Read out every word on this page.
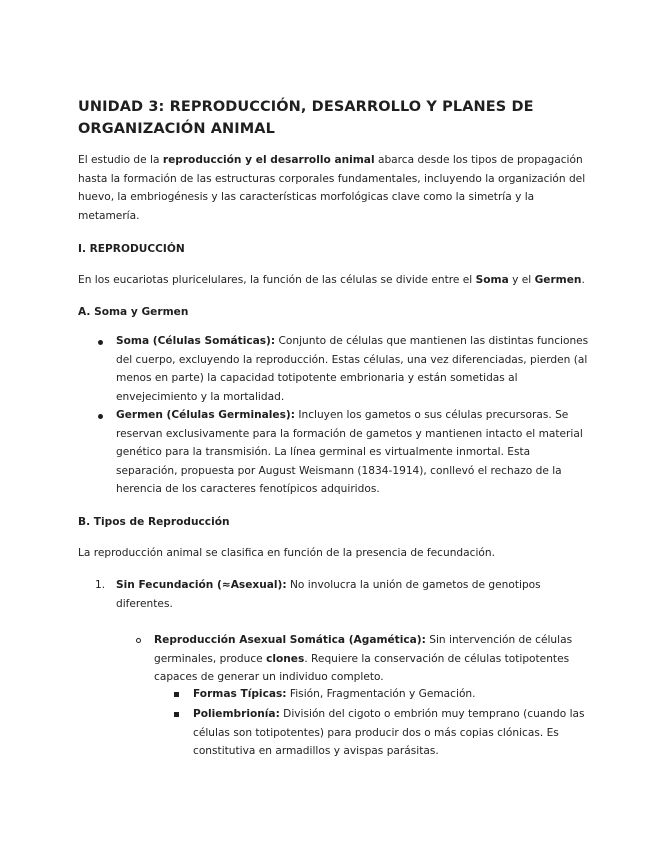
UNIDAD 3: REPRODUCCIÓN, DESARROLLO Y PLANES DE
ORGANIZACIÓN ANIMAL

El estudio de la reproducción y el desarrollo animal abarca desde los tipos de propagación
hasta la formación de las estructuras corporales fundamentales, incluyendo la organización del
huevo, la embriogénesis y las características morfológicas clave como la simetría y la
metamería.

I. REPRODUCCIÓN

En los eucariotas pluricelulares, la función de las células se divide entre el Soma y el Germen.

A. Soma y Germen

Soma (Células Somáticas): Conjunto de células que mantienen las distintas funciones
del cuerpo, excluyendo la reproducción. Estas células, una vez diferenciadas, pierden (al
menos en parte) la capacidad totipotente embrionaria y están sometidas al
envejecimiento y la mortalidad.

Germen (Células Germinales): Incluyen los gametos o sus células precursoras. Se
reservan exclusivamente para la formación de gametos y mantienen intacto el material
genético para la transmisión. La línea germinal es virtualmente inmortal. Esta
separación, propuesta por August Weismann (1834-1914), conllevó el rechazo de la
herencia de los caracteres fenotípicos adquiridos.

B. Tipos de Reproducción

La reproducción animal se clasifica en función de la presencia de fecundación.

1. Sin Fecundación (≈Asexual): No involucra la unión de gametos de genotipos
diferentes.

Reproducción Asexual Somática (Agamética): Sin intervención de células
germinales, produce clones. Requiere la conservación de células totipotentes
capaces de generar un individuo completo.

Formas Típicas: Fisión, Fragmentación y Gemación.

Poliembrionía: División del cigoto o embrión muy temprano (cuando las
células son totipotentes) para producir dos o más copias clónicas. Es
constitutiva en armadillos y avispas parásitas.
